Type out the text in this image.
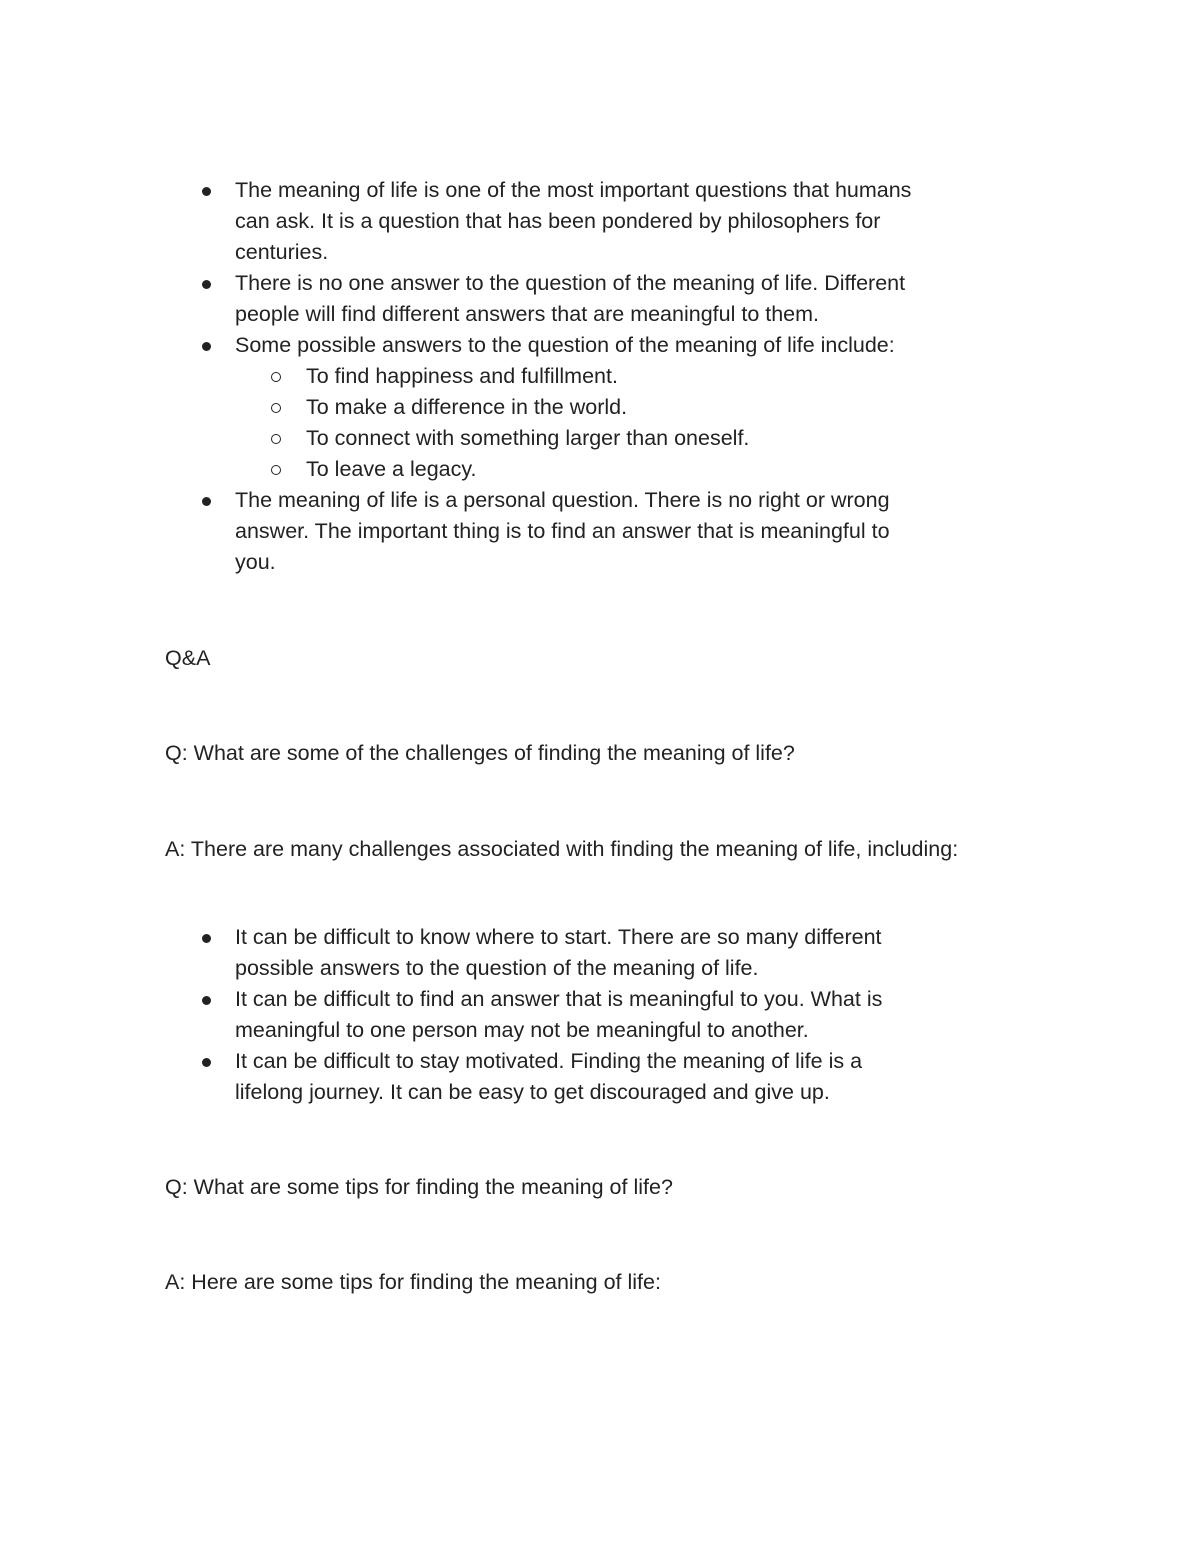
The meaning of life is one of the most important questions that humans can ask. It is a question that has been pondered by philosophers for centuries.
There is no one answer to the question of the meaning of life. Different people will find different answers that are meaningful to them.
Some possible answers to the question of the meaning of life include:
To find happiness and fulfillment.
To make a difference in the world.
To connect with something larger than oneself.
To leave a legacy.
The meaning of life is a personal question. There is no right or wrong answer. The important thing is to find an answer that is meaningful to you.

Q&A

Q: What are some of the challenges of finding the meaning of life?

A: There are many challenges associated with finding the meaning of life, including:

It can be difficult to know where to start. There are so many different possible answers to the question of the meaning of life.
It can be difficult to find an answer that is meaningful to you. What is meaningful to one person may not be meaningful to another.
It can be difficult to stay motivated. Finding the meaning of life is a lifelong journey. It can be easy to get discouraged and give up.

Q: What are some tips for finding the meaning of life?

A: Here are some tips for finding the meaning of life:
